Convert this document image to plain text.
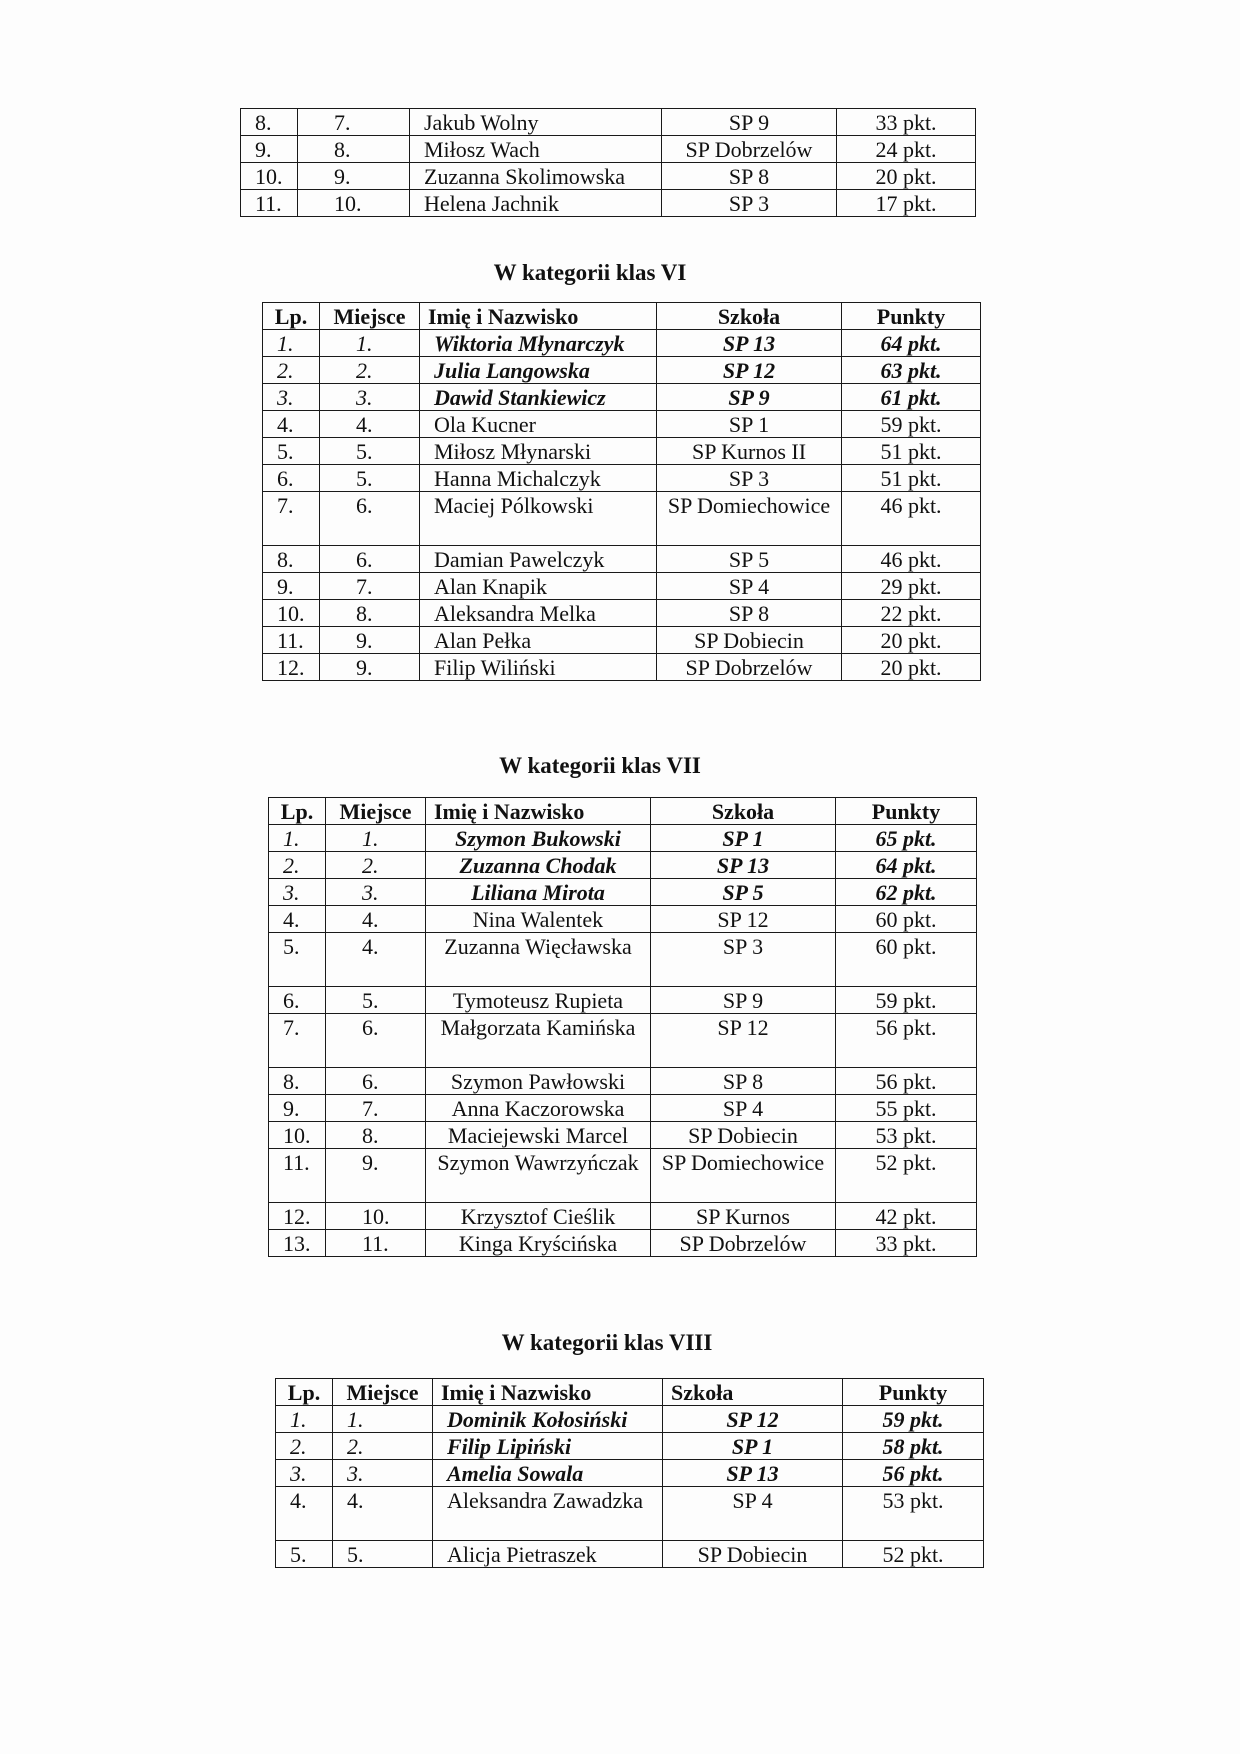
8.	7.	Jakub Wolny	SP 9	33 pkt.
9.	8.	Miłosz Wach	SP Dobrzelów	24 pkt.
10.	9.	Zuzanna Skolimowska	SP 8	20 pkt.
11.	10.	Helena Jachnik	SP 3	17 pkt.
W kategorii klas VI
Lp.	Miejsce	Imię i Nazwisko	Szkoła	Punkty
1.	1.	Wiktoria Młynarczyk	SP 13	64 pkt.
2.	2.	Julia Langowska	SP 12	63 pkt.
3.	3.	Dawid Stankiewicz	SP 9	61 pkt.
4.	4.	Ola Kucner	SP 1	59 pkt.
5.	5.	Miłosz Młynarski	SP Kurnos II	51 pkt.
6.	5.	Hanna Michalczyk	SP 3	51 pkt.
7.	6.	Maciej Pólkowski	SP Domiechowice	46 pkt.
8.	6.	Damian Pawelczyk	SP 5	46 pkt.
9.	7.	Alan Knapik	SP 4	29 pkt.
10.	8.	Aleksandra Melka	SP 8	22 pkt.
11.	9.	Alan Pełka	SP Dobiecin	20 pkt.
12.	9.	Filip Wiliński	SP Dobrzelów	20 pkt.
W kategorii klas VII
Lp.	Miejsce	Imię i Nazwisko	Szkoła	Punkty
1.	1.	Szymon Bukowski	SP 1	65 pkt.
2.	2.	Zuzanna Chodak	SP 13	64 pkt.
3.	3.	Liliana Mirota	SP 5	62 pkt.
4.	4.	Nina Walentek	SP 12	60 pkt.
5.	4.	Zuzanna Więcławska	SP 3	60 pkt.
6.	5.	Tymoteusz Rupieta	SP 9	59 pkt.
7.	6.	Małgorzata Kamińska	SP 12	56 pkt.
8.	6.	Szymon Pawłowski	SP 8	56 pkt.
9.	7.	Anna Kaczorowska	SP 4	55 pkt.
10.	8.	Maciejewski Marcel	SP Dobiecin	53 pkt.
11.	9.	Szymon Wawrzyńczak	SP Domiechowice	52 pkt.
12.	10.	Krzysztof Cieślik	SP Kurnos	42 pkt.
13.	11.	Kinga Kryścińska	SP Dobrzelów	33 pkt.
W kategorii klas VIII
Lp.	Miejsce	Imię i Nazwisko	Szkoła	Punkty
1.	1.	Dominik Kołosiński	SP 12	59 pkt.
2.	2.	Filip Lipiński	SP 1	58 pkt.
3.	3.	Amelia Sowala	SP 13	56 pkt.
4.	4.	Aleksandra Zawadzka	SP 4	53 pkt.
5.	5.	Alicja Pietraszek	SP Dobiecin	52 pkt.
